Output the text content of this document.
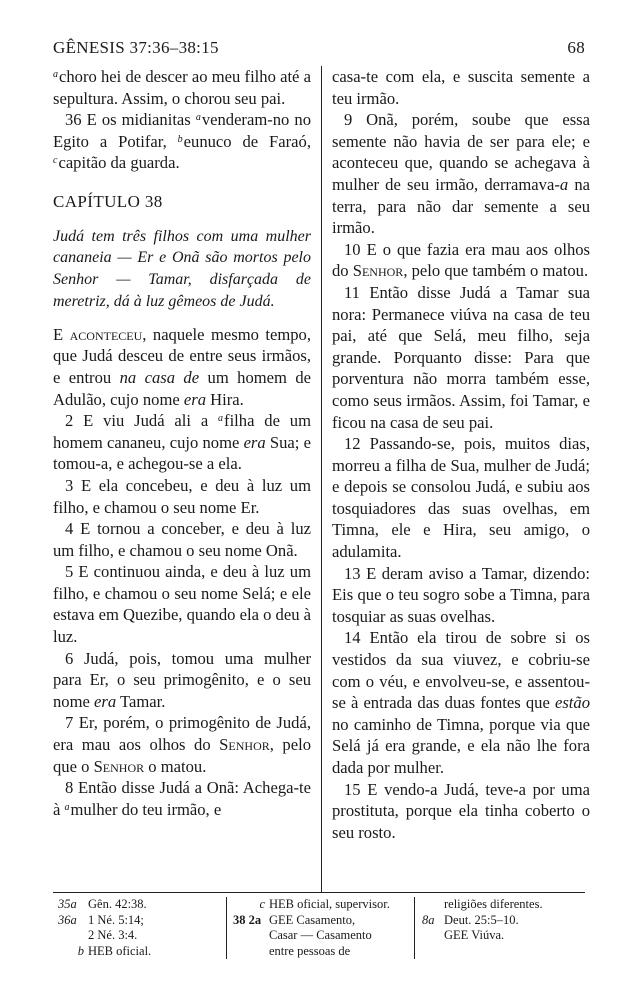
GÊNESIS 37:36–38:15	68

$^a$choro hei de descer ao meu filho até a sepultura. Assim, o chorou seu pai.

36 E os midianitas $^a$venderam-no no Egito a Potifar, $^b$eunuco de Faraó, $^c$capitão da guarda.

CAPÍTULO 38

Judá tem três filhos com uma mulher cananeia — Er e Onã são mortos pelo Senhor — Tamar, disfarçada de meretriz, dá à luz gêmeos de Judá.

E aconteceu, naquele mesmo tempo, que Judá desceu de entre seus irmãos, e entrou na casa de um homem de Adulão, cujo nome era Hira.

2 E viu Judá ali a $^a$filha de um homem cananeu, cujo nome era Sua; e tomou-a, e achegou-se a ela.

3 E ela concebeu, e deu à luz um filho, e chamou o seu nome Er.

4 E tornou a conceber, e deu à luz um filho, e chamou o seu nome Onã.

5 E continuou ainda, e deu à luz um filho, e chamou o seu nome Selá; e ele estava em Quezibe, quando ela o deu à luz.

6 Judá, pois, tomou uma mulher para Er, o seu primogênito, e o seu nome era Tamar.

7 Er, porém, o primogênito de Judá, era mau aos olhos do Senhor, pelo que o Senhor o matou.

8 Então disse Judá a Onã: Achega-te à $^a$mulher do teu irmão, e

casa-te com ela, e suscita semente a teu irmão.

9 Onã, porém, soube que essa semente não havia de ser para ele; e aconteceu que, quando se achegava à mulher de seu irmão, derramava-a na terra, para não dar semente a seu irmão.

10 E o que fazia era mau aos olhos do Senhor, pelo que também o matou.

11 Então disse Judá a Tamar sua nora: Permanece viúva na casa de teu pai, até que Selá, meu filho, seja grande. Porquanto disse: Para que porventura não morra também esse, como seus irmãos. Assim, foi Tamar, e ficou na casa de seu pai.

12 Passando-se, pois, muitos dias, morreu a filha de Sua, mulher de Judá; e depois se consolou Judá, e subiu aos tosquiadores das suas ovelhas, em Timna, ele e Hira, seu amigo, o adulamita.

13 E deram aviso a Tamar, dizendo: Eis que o teu sogro sobe a Timna, para tosquiar as suas ovelhas.

14 Então ela tirou de sobre si os vestidos da sua viuvez, e cobriu-se com o véu, e envolveu-se, e assentou-se à entrada das duas fontes que estão no caminho de Timna, porque via que Selá já era grande, e ela não lhe fora dada por mulher.

15 E vendo-a Judá, teve-a por uma prostituta, porque ela tinha coberto o seu rosto.

35a Gên. 42:38.
36a 1 Né. 5:14;
2 Né. 3:4.
b HEB oficial.
c HEB oficial, supervisor.
38 2a GEE Casamento,
Casar — Casamento
entre pessoas de
religiões diferentes.
8a Deut. 25:5–10.
GEE Viúva.
